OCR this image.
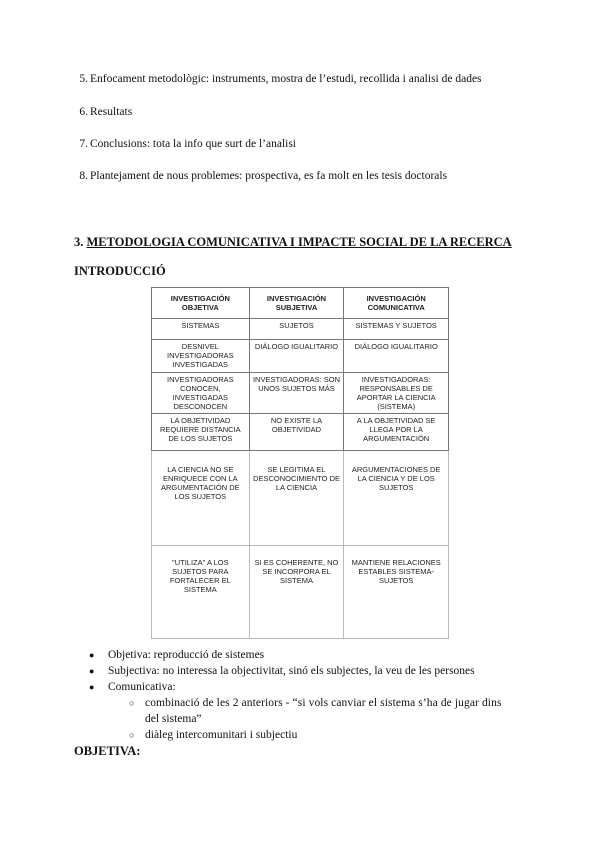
5. Enfocament metodològic: instruments, mostra de l’estudi, recollida i analisi de dades
6. Resultats
7. Conclusions: tota la info que surt de l’analisi
8. Plantejament de nous problemes: prospectiva, es fa molt en les tesis doctorals
3. METODOLOGIA COMUNICATIVA I IMPACTE SOCIAL DE LA RECERCA
INTRODUCCIÓ
INVESTIGACIÓN OBJETIVA	INVESTIGACIÓN SUBJETIVA	INVESTIGACIÓN COMUNICATIVA
SISTEMAS	SUJETOS	SISTEMAS Y SUJETOS
DESNIVEL INVESTIGADORAS INVESTIGADAS	DIÁLOGO IGUALITARIO	DIÁLOGO IGUALITARIO
INVESTIGADORAS CONOCEN, INVESTIGADAS DESCONOCEN	INVESTIGADORAS: SON UNOS SUJETOS MÁS	INVESTIGADORAS: RESPONSABLES DE APORTAR LA CIENCIA (SISTEMA)
LA OBJETIVIDAD REQUIERE DISTANCIA DE LOS SUJETOS	NO EXISTE LA OBJETIVIDAD	A LA OBJETIVIDAD SE LLEGA POR LA ARGUMENTACIÓN
LA CIENCIA NO SE ENRIQUECE CON LA ARGUMENTACIÓN DE LOS SUJETOS	SE LEGITIMA EL DESCONOCIMIENTO DE LA CIENCIA	ARGUMENTACIONES DE LA CIENCIA Y DE LOS SUJETOS
"UTILIZA" A LOS SUJETOS PARA FORTALECER EL SISTEMA	SI ES COHERENTE, NO SE INCORPORA EL SISTEMA	MANTIENE RELACIONES ESTABLES SISTEMA-SUJETOS
● Objetiva: reproducció de sistemes
● Subjectiva: no interessa la objectivitat, sinó els subjectes, la veu de les persones
● Comunicativa:
○ combinació de les 2 anteriors - “si vols canviar el sistema s’ha de jugar dins
del sistema”
○ diàleg intercomunitari i subjectiu
OBJETIVA:
